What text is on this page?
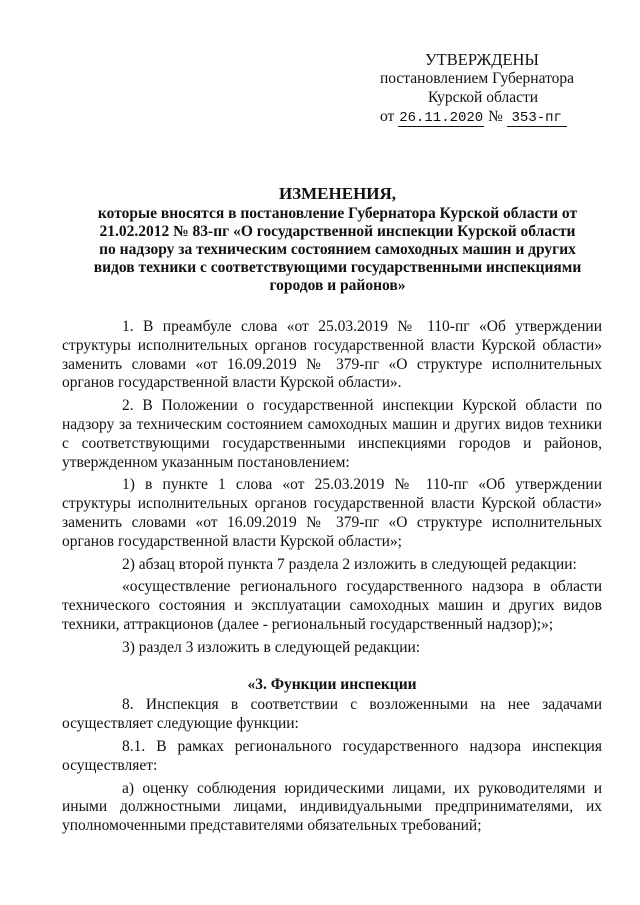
УТВЕРЖДЕНЫ
постановлением Губернатора
Курской области
от 26.11.2020 № 353-пг
ИЗМЕНЕНИЯ,
которые вносятся в постановление Губернатора Курской области от
21.02.2012 № 83-пг «О государственной инспекции Курской области
по надзору за техническим состоянием самоходных машин и других
видов техники с соответствующими государственными инспекциями
городов и районов»

1. В преамбуле слова «от 25.03.2019 № 110-пг «Об утверждении структуры исполнительных органов государственной власти Курской области» заменить словами «от 16.09.2019 № 379-пг «О структуре исполнительных органов государственной власти Курской области».

2. В Положении о государственной инспекции Курской области по надзору за техническим состоянием самоходных машин и других видов техники с соответствующими государственными инспекциями городов и районов, утвержденном указанным постановлением:

1) в пункте 1 слова «от 25.03.2019 № 110-пг «Об утверждении структуры исполнительных органов государственной власти Курской области» заменить словами «от 16.09.2019 № 379-пг «О структуре исполнительных органов государственной власти Курской области»;

2) абзац второй пункта 7 раздела 2 изложить в следующей редакции:

«осуществление регионального государственного надзора в области технического состояния и эксплуатации самоходных машин и других видов техники, аттракционов (далее - региональный государственный надзор);»;

3) раздел 3 изложить в следующей редакции:

«3. Функции инспекции

8. Инспекция в соответствии с возложенными на нее задачами осуществляет следующие функции:

8.1. В рамках регионального государственного надзора инспекция осуществляет:

а) оценку соблюдения юридическими лицами, их руководителями и иными должностными лицами, индивидуальными предпринимателями, их уполномоченными представителями обязательных требований;
